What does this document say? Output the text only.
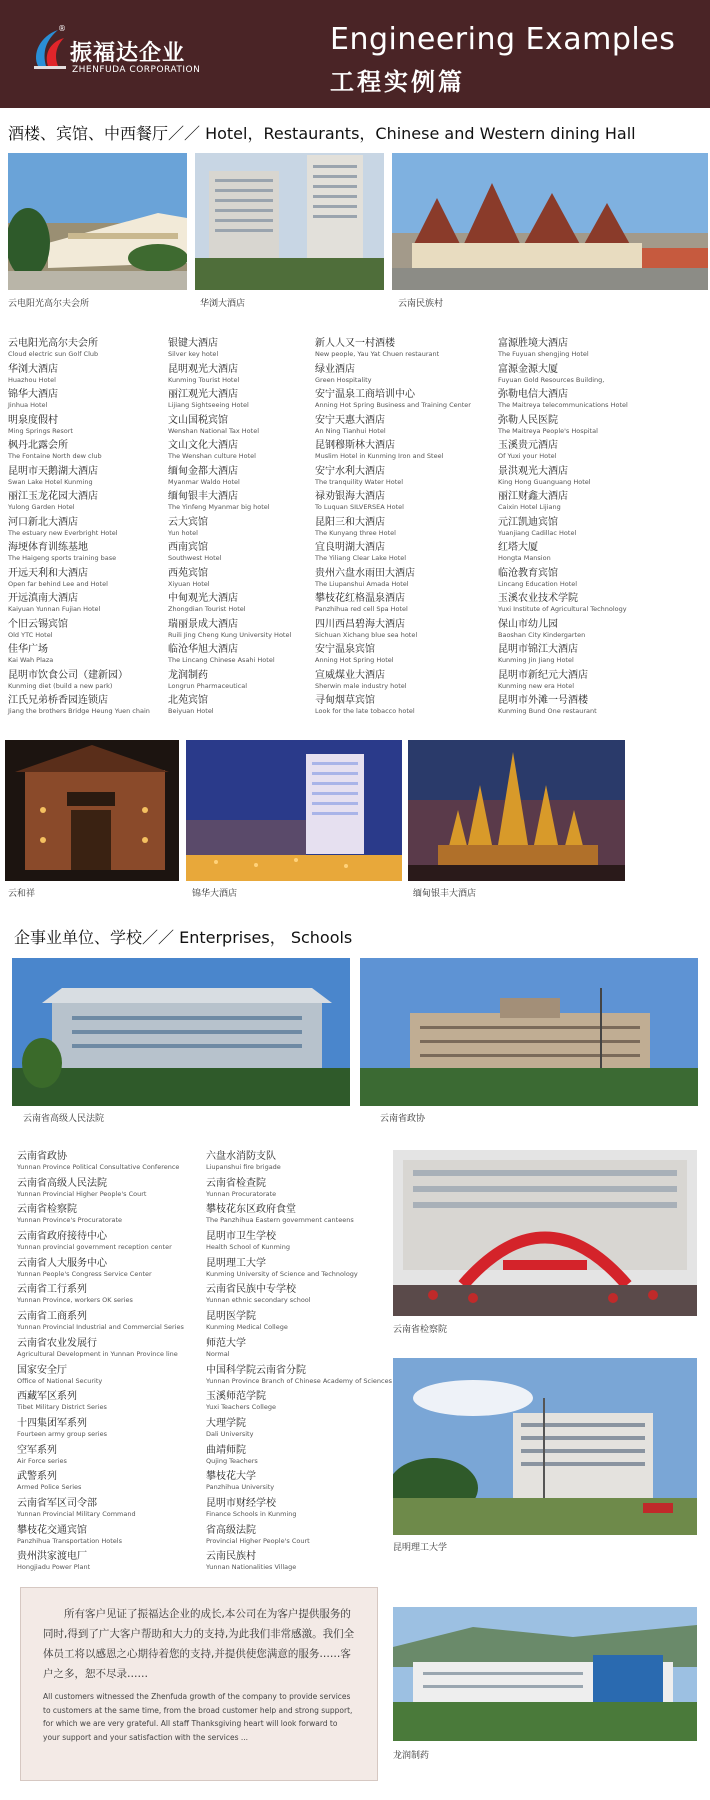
®
振福达企业
ZHENFUDA CORPORATION
Engineering Examples
工程实例篇
酒楼、宾馆、中西餐厅／／ Hotel，Restaurants，Chinese and Western dining Hall
云电阳光高尔夫会所	华浏大酒店	云南民族村
云电阳光高尔夫会所
Cloud electric sun Golf Club
华浏大酒店
Huazhou Hotel
锦华大酒店
Jinhua Hotel
明泉度假村
Ming Springs Resort
枫丹北露会所
The Fontaine North dew club
昆明市天鹅湖大酒店
Swan Lake Hotel Kunming
丽江玉龙花园大酒店
Yulong Garden Hotel
河口新北大酒店
The estuary new Everbright Hotel
海埂体育训练基地
The Haigeng sports training base
开远天利和大酒店
Open far behind Lee and Hotel
开远滇南大酒店
Kaiyuan Yunnan Fujian Hotel
个旧云锡宾馆
Old YTC Hotel
佳华广场
Kai Wah Plaza
昆明市饮食公司（建新园）
Kunming diet (build a new park)
江氏兄弟桥香园连锁店
Jiang the brothers Bridge Heung Yuen chain
银键大酒店
Silver key hotel
昆明观光大酒店
Kunming Tourist Hotel
丽江观光大酒店
Lijiang Sightseeing Hotel
文山国税宾馆
Wenshan National Tax Hotel
文山文化大酒店
The Wenshan culture Hotel
缅甸金都大酒店
Myanmar Waldo Hotel
缅甸银丰大酒店
The Yinfeng Myanmar big hotel
云大宾馆
Yun hotel
西南宾馆
Southwest Hotel
西苑宾馆
Xiyuan Hotel
中甸观光大酒店
Zhongdian Tourist Hotel
瑞丽景成大酒店
Ruili Jing Cheng Kung University Hotel
临沧华旭大酒店
The Lincang Chinese Asahi Hotel
龙润制药
Longrun Pharmaceutical
北苑宾馆
Beiyuan Hotel
新人人又一村酒楼
New people, Yau Yat Chuen restaurant
绿业酒店
Green Hospitality
安宁温泉工商培训中心
Anning Hot Spring Business and Training Center
安宁天惠大酒店
An Ning Tianhui Hotel
昆钢穆斯林大酒店
Muslim Hotel in Kunming Iron and Steel
安宁水利大酒店
The tranquility Water Hotel
禄劝银海大酒店
To Luquan SILVERSEA Hotel
昆阳三和大酒店
The Kunyang three Hotel
宜良明湖大酒店
The Yiliang Clear Lake Hotel
贵州六盘水雨田大酒店
The Liupanshui Amada Hotel
攀枝花红格温泉酒店
Panzhihua red cell Spa Hotel
四川西昌碧海大酒店
Sichuan Xichang blue sea hotel
安宁温泉宾馆
Anning Hot Spring Hotel
宣威煤业大酒店
Sherwin male industry hotel
寻甸烟草宾馆
Look for the late tobacco hotel
富源胜境大酒店
The Fuyuan shengjing Hotel
富源金源大厦
Fuyuan Gold Resources Building,
弥勒电信大酒店
The Maitreya telecommunications Hotel
弥勒人民医院
The Maitreya People's Hospital
玉溪贵元酒店
Of Yuxi your Hotel
景洪观光大酒店
King Hong Guanguang Hotel
丽江财鑫大酒店
Caixin Hotel Lijiang
元江凯迪宾馆
Yuanjiang Cadillac Hotel
红塔大厦
Hongta Mansion
临沧教育宾馆
Lincang Education Hotel
玉溪农业技术学院
Yuxi Institute of Agricultural Technology
保山市幼儿园
Baoshan City Kindergarten
昆明市锦江大酒店
Kunming Jin Jiang Hotel
昆明市新纪元大酒店
Kunming new era Hotel
昆明市外滩一号酒楼
Kunming Bund One restaurant
云和祥	锦华大酒店	缅甸银丰大酒店
企事业单位、学校／／ Enterprises， Schools
云南省高级人民法院	云南省政协
云南省政协
Yunnan Province Political Consultative Conference
云南省高级人民法院
Yunnan Provincial Higher People's Court
云南省检察院
Yunnan Province's Procuratorate
云南省政府接待中心
Yunnan provincial government reception center
云南省人大服务中心
Yunnan People's Congress Service Center
云南省工行系列
Yunnan Province, workers OK series
云南省工商系列
Yunnan Provincial Industrial and Commercial Series
云南省农业发展行
Agricultural Development in Yunnan Province line
国家安全厅
Office of National Security
西藏军区系列
Tibet Military District Series
十四集团军系列
Fourteen army group series
空军系列
Air Force series
武警系列
Armed Police Series
云南省军区司令部
Yunnan Provincial Military Command
攀枝花交通宾馆
Panzhihua Transportation Hotels
贵州洪家渡电厂
Hongjiadu Power Plant
六盘水消防支队
Liupanshui fire brigade
云南省检查院
Yunnan Procuratorate
攀枝花东区政府食堂
The Panzhihua Eastern government canteens
昆明市卫生学校
Health School of Kunming
昆明理工大学
Kunming University of Science and Technology
云南省民族中专学校
Yunnan ethnic secondary school
昆明医学院
Kunming Medical College
师范大学
Normal
中国科学院云南省分院
Yunnan Province Branch of Chinese Academy of Sciences
玉溪师范学院
Yuxi Teachers College
大理学院
Dali University
曲靖师院
Qujing Teachers
攀枝花大学
Panzhihua University
昆明市财经学校
Finance Schools in Kunming
省高级法院
Provincial Higher People's Court
云南民族村
Yunnan Nationalities Village
云南省检察院
昆明理工大学
龙润制药
所有客户见证了振福达企业的成长,本公司在为客户提供服务的同时,得到了广大客户帮助和大力的支持,为此我们非常感激。我们全体员工将以感恩之心期待着您的支持,并提供使您满意的服务……客户之多，恕不尽录……
All customers witnessed the Zhenfuda growth of the company to provide services to customers at the same time, from the broad customer help and strong support, for which we are very grateful. All staff Thanksgiving heart will look forward to your support and your satisfaction with the services ...
